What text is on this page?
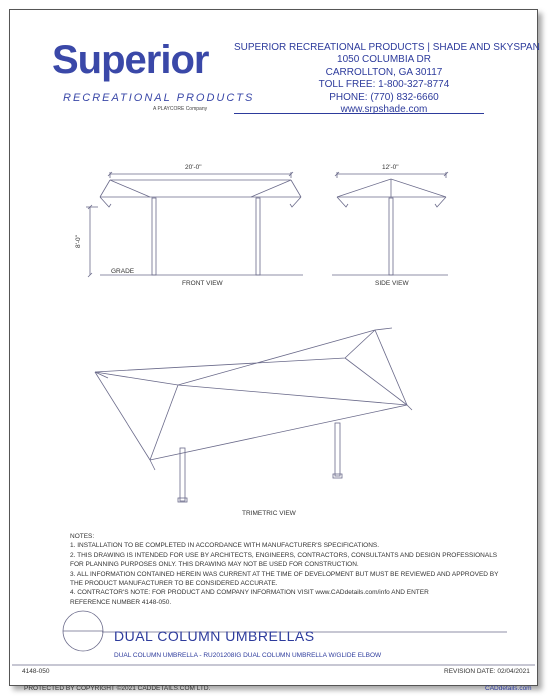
Superior
RECREATIONAL PRODUCTS
A PLAYCORE Company
SUPERIOR RECREATIONAL PRODUCTS | SHADE AND SKYSPAN
1050 COLUMBIA DR
CARROLLTON, GA 30117
TOLL FREE: 1-800-327-8774
PHONE: (770) 832-6660
www.srpshade.com
20'-0"	12'-0"
8'-0"
GRADE
FRONT VIEW	SIDE VIEW
TRIMETRIC VIEW
NOTES:
1. INSTALLATION TO BE COMPLETED IN ACCORDANCE WITH MANUFACTURER'S SPECIFICATIONS.
2. THIS DRAWING IS INTENDED FOR USE BY ARCHITECTS, ENGINEERS, CONTRACTORS, CONSULTANTS AND DESIGN PROFESSIONALS
FOR PLANNING PURPOSES ONLY. THIS DRAWING MAY NOT BE USED FOR CONSTRUCTION.
3. ALL INFORMATION CONTAINED HEREIN WAS CURRENT AT THE TIME OF DEVELOPMENT BUT MUST BE REVIEWED AND APPROVED BY
THE PRODUCT MANUFACTURER TO BE CONSIDERED ACCURATE.
4. CONTRACTOR'S NOTE: FOR PRODUCT AND COMPANY INFORMATION VISIT www.CADdetails.com/info AND ENTER
REFERENCE NUMBER 4148-050.
DUAL COLUMN UMBRELLAS
DUAL COLUMN UMBRELLA - RU201208IG DUAL COLUMN UMBRELLA W/GLIDE ELBOW
4148-050	REVISION DATE: 02/04/2021
PROTECTED BY COPYRIGHT ©2021 CADDETAILS.COM LTD.	CADdetails.com
